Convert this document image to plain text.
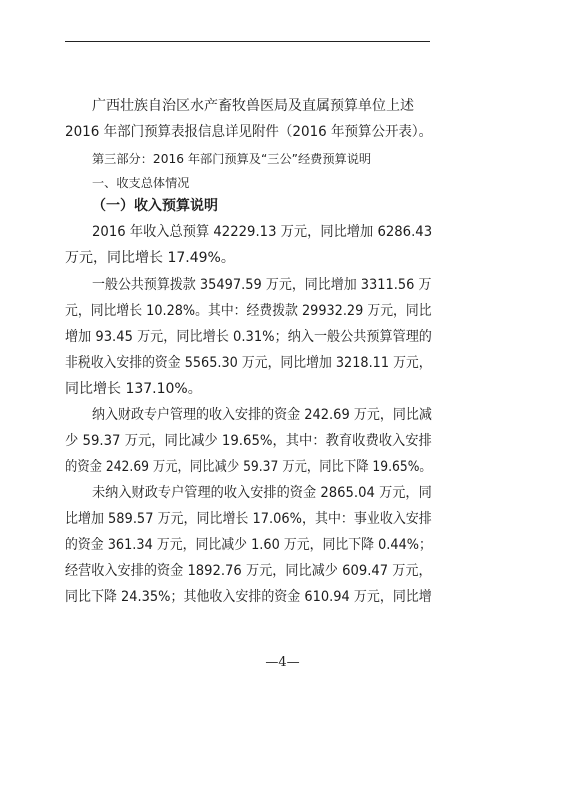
广西壮族自治区水产畜牧兽医局及直属预算单位上述
2016 年部门预算表报信息详见附件（2016 年预算公开表）。
第三部分：2016 年部门预算及“三公”经费预算说明
一、收支总体情况
（一）收入预算说明
2016 年收入总预算 42229.13 万元，同比增加 6286.43
万元，同比增长 17.49%。
一般公共预算拨款 35497.59 万元，同比增加 3311.56 万
元，同比增长 10.28%。其中：经费拨款 29932.29 万元，同比
增加 93.45 万元，同比增长 0.31%；纳入一般公共预算管理的
非税收入安排的资金 5565.30 万元，同比增加 3218.11 万元，
同比增长 137.10%。
纳入财政专户管理的收入安排的资金 242.69 万元，同比减
少 59.37 万元，同比减少 19.65%，其中：教育收费收入安排
的资金 242.69 万元，同比减少 59.37 万元，同比下降 19.65%。
未纳入财政专户管理的收入安排的资金 2865.04 万元，同
比增加 589.57 万元，同比增长 17.06%，其中：事业收入安排
的资金 361.34 万元，同比减少 1.60 万元，同比下降 0.44%；
经营收入安排的资金 1892.76 万元，同比减少 609.47 万元，
同比下降 24.35%；其他收入安排的资金 610.94 万元，同比增
—4—
